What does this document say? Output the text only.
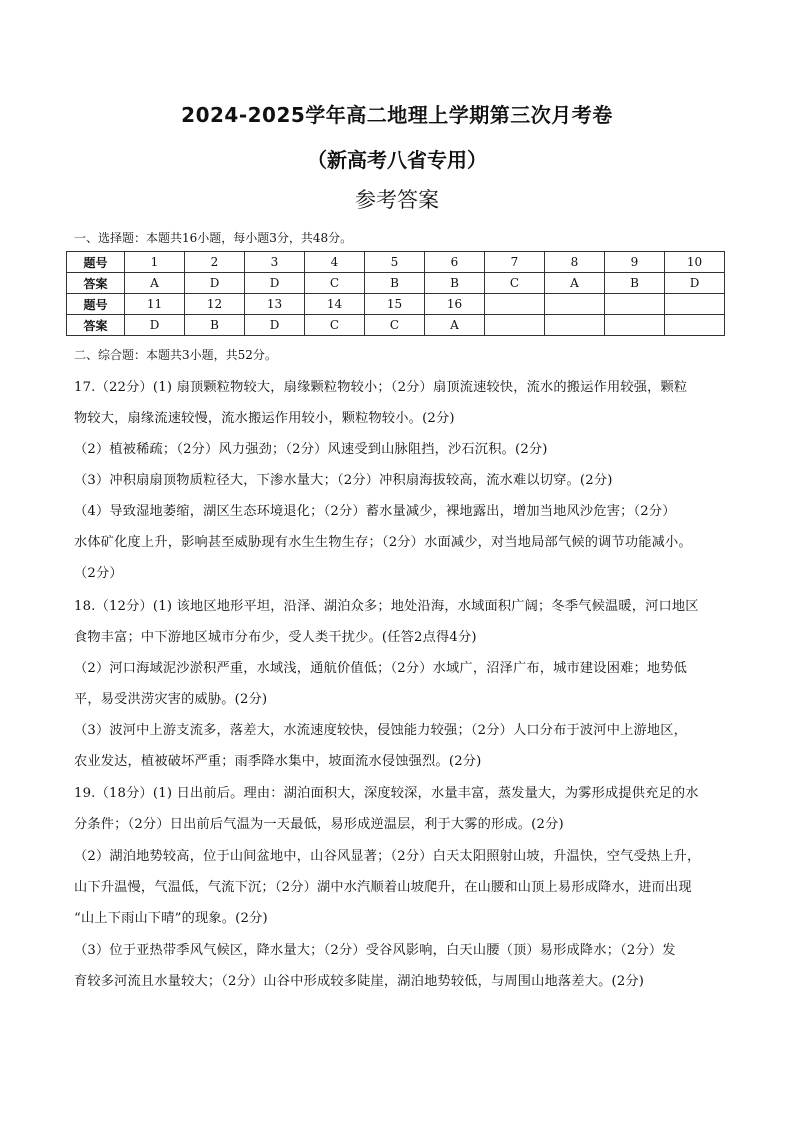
2024-2025学年高二地理上学期第三次月考卷
（新高考八省专用）
参考答案
一、选择题：本题共16小题，每小题3分，共48分。
题号	1	2	3	4	5	6	7	8	9	10
答案	A	D	D	C	B	B	C	A	B	D
题号	11	12	13	14	15	16				
答案	D	B	D	C	C	A				
二、综合题：本题共3小题，共52分。
17.（22分）(1) 扇顶颗粒物较大，扇缘颗粒物较小；（2分）扇顶流速较快，流水的搬运作用较强，颗粒
物较大，扇缘流速较慢，流水搬运作用较小，颗粒物较小。(2分)
（2）植被稀疏；（2分）风力强劲；（2分）风速受到山脉阻挡，沙石沉积。(2分)
（3）冲积扇扇顶物质粒径大，下渗水量大；（2分）冲积扇海拔较高，流水难以切穿。(2分)
（4）导致湿地萎缩，湖区生态环境退化；（2分）蓄水量减少，裸地露出，增加当地风沙危害；（2分）
水体矿化度上升，影响甚至威胁现有水生生物生存；（2分）水面减少，对当地局部气候的调节功能减小。
（2分）
18.（12分）(1) 该地区地形平坦，沿泽、湖泊众多；地处沿海，水域面积广阔；冬季气候温暖，河口地区
食物丰富；中下游地区城市分布少，受人类干扰少。(任答2点得4分)
（2）河口海域泥沙淤积严重，水域浅，通航价值低；（2分）水域广，沼泽广布，城市建设困难；地势低
平，易受洪涝灾害的威胁。(2分)
（3）波河中上游支流多，落差大，水流速度较快，侵蚀能力较强；（2分）人口分布于波河中上游地区，
农业发达，植被破坏严重；雨季降水集中，坡面流水侵蚀强烈。(2分)
19.（18分）(1) 日出前后。理由：湖泊面积大，深度较深，水量丰富，蒸发量大，为雾形成提供充足的水
分条件；（2分）日出前后气温为一天最低，易形成逆温层，利于大雾的形成。(2分)
（2）湖泊地势较高，位于山间盆地中，山谷风显著；（2分）白天太阳照射山坡，升温快，空气受热上升，
山下升温慢，气温低，气流下沉；（2分）湖中水汽顺着山坡爬升，在山腰和山顶上易形成降水，进而出现
“山上下雨山下晴”的现象。(2分)
（3）位于亚热带季风气候区，降水量大；（2分）受谷风影响，白天山腰（顶）易形成降水；（2分）发
育较多河流且水量较大；（2分）山谷中形成较多陡崖，湖泊地势较低，与周围山地落差大。(2分)
